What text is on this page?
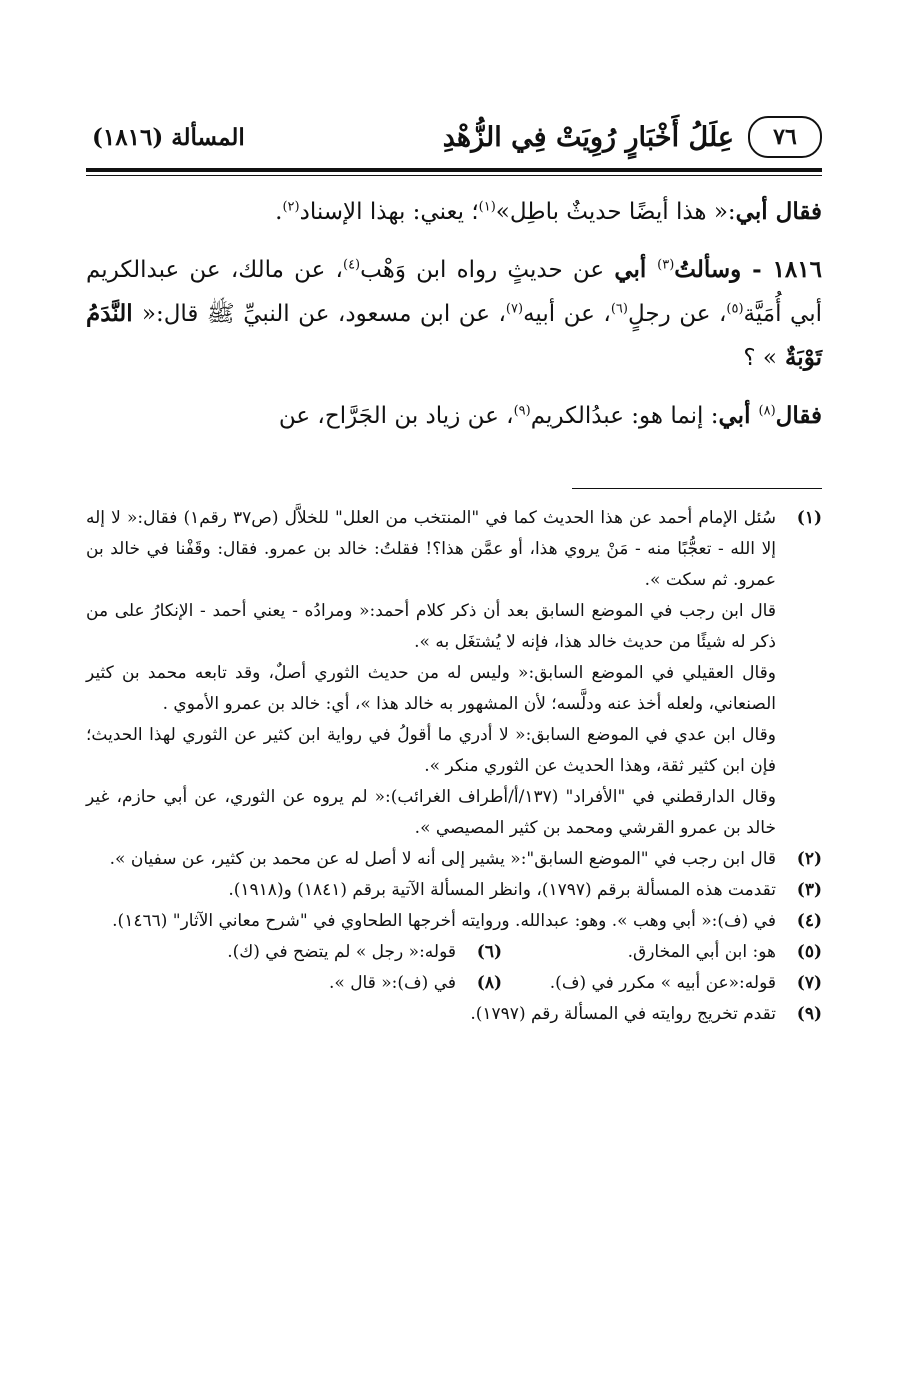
المسألة (١٨١٦)	عِلَلُ أَخْبَارٍ رُوِيَتْ فِي الزُّهْدِ	٧٦

فقال أبي:« هذا أيضًا حديثٌ باطِل»$^{(١)}$؛ يعني: بهذا الإسناد$^{(٢)}$.

١٨١٦ - وسألتُ$^{(٣)}$ أبي عن حديثٍ رواه ابن وَهْب$^{(٤)}$، عن مالك، عن عبدالكريم أبي أُمَيَّة$^{(٥)}$، عن رجلٍ$^{(٦)}$، عن أبيه$^{(٧)}$، عن ابن مسعود، عن النبيِّ ﷺ قال:« النَّدَمُ تَوْبَةٌ » ؟

فقال$^{(٨)}$ أبي: إنما هو: عبدُالكريم$^{(٩)}$، عن زياد بن الجَرَّاح، عن

(١)

سُئل الإمام أحمد عن هذا الحديث كما في "المنتخب من العلل" للخلاَّل (ص٣٧ رقم١) فقال:« لا إله إلا الله - تعجُّبًا منه - مَنْ يروي هذا، أو عمَّن هذا؟! فقلتُ: خالد بن عمرو. فقال: وقَفْنا في خالد بن عمرو. ثم سكت ».

قال ابن رجب في الموضع السابق بعد أن ذكر كلام أحمد:« ومرادُه - يعني أحمد - الإنكارُ على من ذكر له شيئًا من حديث خالد هذا، فإنه لا يُشتغَل به ».

وقال العقيلي في الموضع السابق:« وليس له من حديث الثوري أصلٌ، وقد تابعه محمد بن كثير الصنعاني، ولعله أخذ عنه ودلَّسه؛ لأن المشهور به خالد هذا »، أي: خالد بن عمرو الأموي .

وقال ابن عدي في الموضع السابق:« لا أدري ما أقولُ في رواية ابن كثير عن الثوري لهذا الحديث؛ فإن ابن كثير ثقة، وهذا الحديث عن الثوري منكر ».

وقال الدارقطني في "الأفراد" (١٣٧/أ/أطراف الغرائب):« لم يروه عن الثوري، عن أبي حازم، غير خالد بن عمرو القرشي ومحمد بن كثير المصيصي ».

(٢)

قال ابن رجب في "الموضع السابق":« يشير إلى أنه لا أصل له عن محمد بن كثير، عن سفيان ».

(٣)

تقدمت هذه المسألة برقم (١٧٩٧)، وانظر المسألة الآتية برقم (١٨٤١) و(١٩١٨).

(٤)

في (ف):« أبي وهب ». وهو: عبدالله. وروايته أخرجها الطحاوي في "شرح معاني الآثار" (١٤٦٦).

(٥)
هو: ابن أبي المخارق.
(٦)
قوله:« رجل » لم يتضح في (ك).
(٧)
قوله:«عن أبيه » مكرر في (ف).
(٨)
في (ف):« قال ».
(٩)
تقدم تخريج روايته في المسألة رقم (١٧٩٧).
